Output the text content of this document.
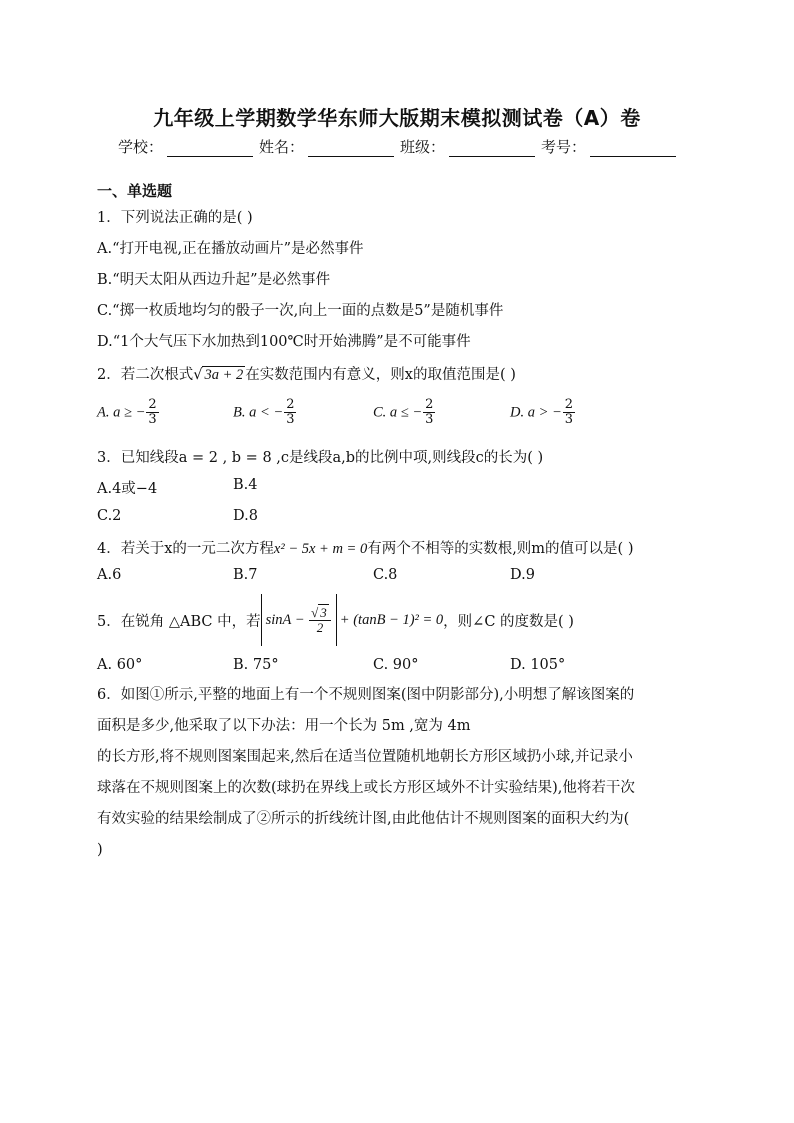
九年级上学期数学华东师大版期末模拟测试卷（A）卷
学校：	姓名：	班级：	考号：
一、单选题
1．下列说法正确的是( )
A.“打开电视,正在播放动画片”是必然事件
B.“明天太阳从西边升起”是必然事件
C.“掷一枚质地均匀的骰子一次,向上一面的点数是5”是随机事件
D.“1个大气压下水加热到100℃时开始沸腾”是不可能事件
2．若二次根式√ 3a + 2 在实数范围内有意义，则x的取值范围是( )
A. a ≥ − $\frac{2}{3}$	B. a < − $\frac{2}{3}$	C. a ≤ − $\frac{2}{3}$	D. a > − $\frac{2}{3}$
3．已知线段a = 2 , b = 8 ,c是线段a,b的比例中项,则线段c的长为( )
A.4或−4	B.4
C.2	D.8
4．若关于x的一元二次方程x² − 5x + m = 0有两个不相等的实数根,则m的值可以是( )
A.6	B.7	C.8	D.9
5．在锐角 △ABC 中，若 $\sin A - \frac{√ 3}{2} + (\tan B - 1)^2 = 0$ ，则∠C 的度数是( )
A. 60°	B. 75°	C. 90°	D. 105°
6．如图①所示,平整的地面上有一个不规则图案(图中阴影部分),小明想了解该图案的
面积是多少,他采取了以下办法：用一个长为 5m ,宽为 4m
的长方形,将不规则图案围起来,然后在适当位置随机地朝长方形区域扔小球,并记录小
球落在不规则图案上的次数(球扔在界线上或长方形区域外不计实验结果),他将若干次
有效实验的结果绘制成了②所示的折线统计图,由此他估计不规则图案的面积大约为(
)
